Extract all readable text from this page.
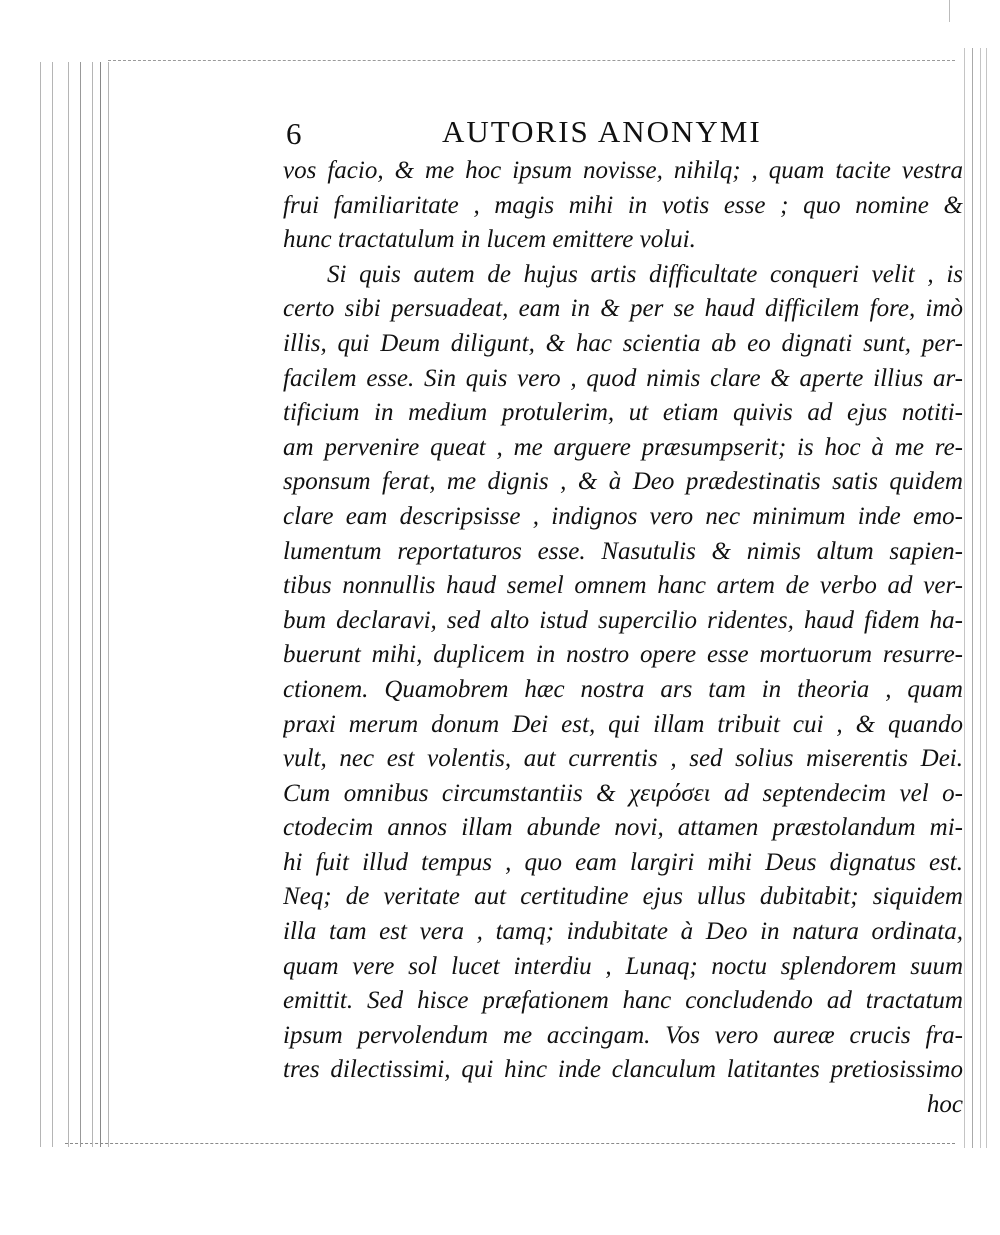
6	AUTORIS ANONYMI
vos facio, & me hoc ipsum novisse, nihilq; , quam tacite vestra
frui familiaritate , magis mihi in votis esse ; quo nomine &
hunc tractatulum in lucem emittere volui.
Si quis autem de hujus artis difficultate conqueri velit , is
certo sibi persuadeat, eam in & per se haud difficilem fore, imò
illis, qui Deum diligunt, & hac scientia ab eo dignati sunt, per-
facilem esse. Sin quis vero , quod nimis clare & aperte illius ar-
tificium in medium protulerim, ut etiam quivis ad ejus notiti-
am pervenire queat , me arguere præsumpserit; is hoc à me re-
sponsum ferat, me dignis , & à Deo prædestinatis satis quidem
clare eam descripsisse , indignos vero nec minimum inde emo-
lumentum reportaturos esse. Nasutulis & nimis altum sapien-
tibus nonnullis haud semel omnem hanc artem de verbo ad ver-
bum declaravi, sed alto istud supercilio ridentes, haud fidem ha-
buerunt mihi, duplicem in nostro opere esse mortuorum resurre-
ctionem. Quamobrem hæc nostra ars tam in theoria , quam
praxi merum donum Dei est, qui illam tribuit cui , & quando
vult, nec est volentis, aut currentis , sed solius miserentis Dei.
Cum omnibus circumstantiis & χειρόσει ad septendecim vel o-
ctodecim annos illam abunde novi, attamen præstolandum mi-
hi fuit illud tempus , quo eam largiri mihi Deus dignatus est.
Neq; de veritate aut certitudine ejus ullus dubitabit; siquidem
illa tam est vera , tamq; indubitate à Deo in natura ordinata,
quam vere sol lucet interdiu , Lunaq; noctu splendorem suum
emittit. Sed hisce præfationem hanc concludendo ad tractatum
ipsum pervolendum me accingam. Vos vero aureæ crucis fra-
tres dilectissimi, qui hinc inde clanculum latitantes pretiosissimo
hoc
